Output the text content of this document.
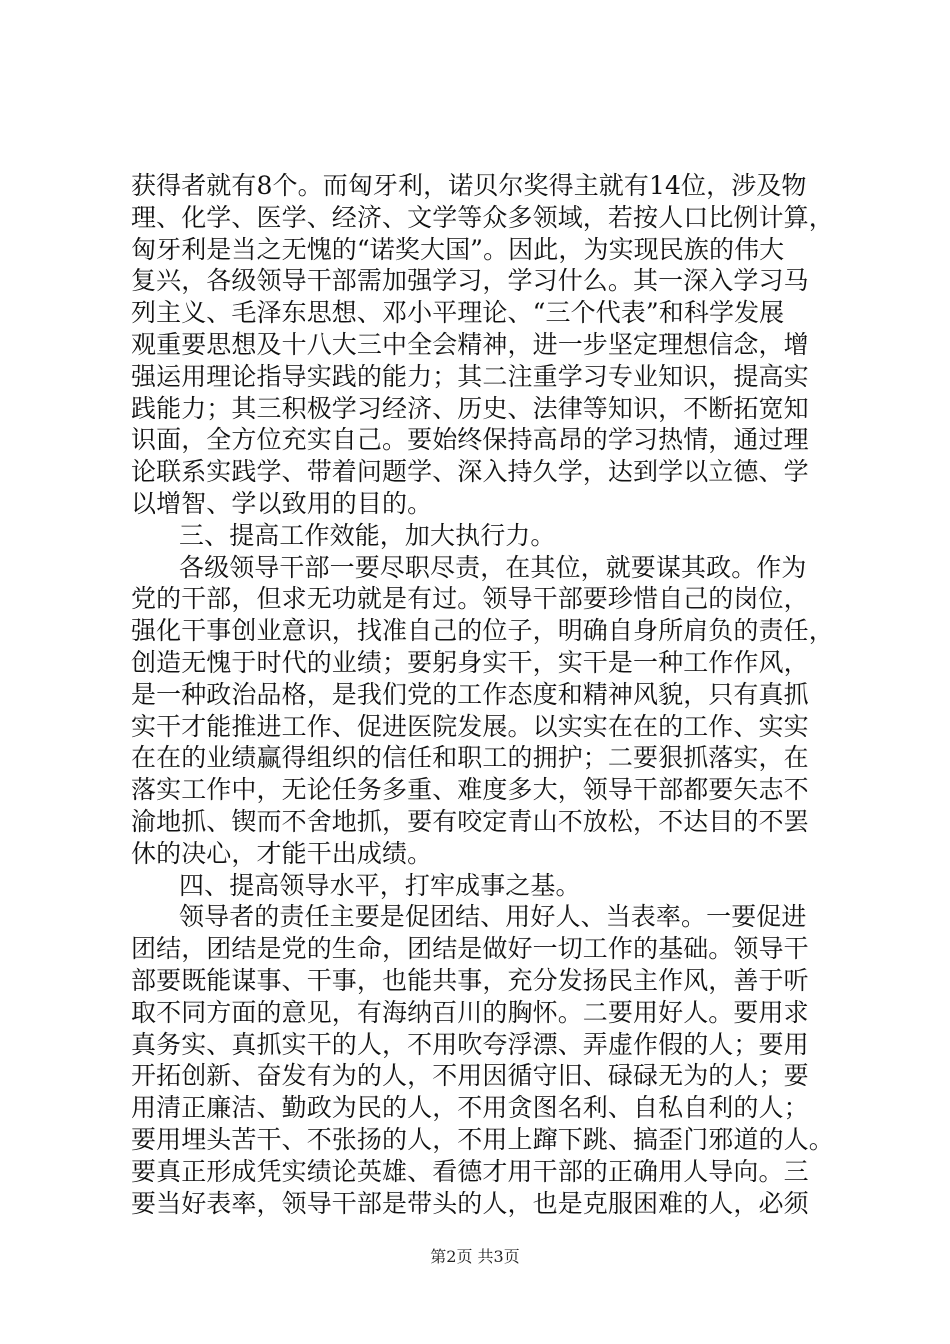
获得者就有8个。而匈牙利，诺贝尔奖得主就有14位，涉及物
理、化学、医学、经济、文学等众多领域，若按人口比例计算，
匈牙利是当之无愧的“诺奖大国”。因此，为实现民族的伟大
复兴，各级领导干部需加强学习，学习什么。其一深入学习马
列主义、毛泽东思想、邓小平理论、“三个代表”和科学发展
观重要思想及十八大三中全会精神，进一步坚定理想信念，增
强运用理论指导实践的能力；其二注重学习专业知识，提高实
践能力；其三积极学习经济、历史、法律等知识，不断拓宽知
识面，全方位充实自己。要始终保持高昂的学习热情，通过理
论联系实践学、带着问题学、深入持久学，达到学以立德、学
以增智、学以致用的目的。
三、提高工作效能，加大执行力。
各级领导干部一要尽职尽责，在其位，就要谋其政。作为
党的干部，但求无功就是有过。领导干部要珍惜自己的岗位，
强化干事创业意识，找准自己的位子，明确自身所肩负的责任，
创造无愧于时代的业绩；要躬身实干，实干是一种工作作风，
是一种政治品格，是我们党的工作态度和精神风貌，只有真抓
实干才能推进工作、促进医院发展。以实实在在的工作、实实
在在的业绩赢得组织的信任和职工的拥护；二要狠抓落实，在
落实工作中，无论任务多重、难度多大，领导干部都要矢志不
渝地抓、锲而不舍地抓，要有咬定青山不放松，不达目的不罢
休的决心，才能干出成绩。
四、提高领导水平，打牢成事之基。
领导者的责任主要是促团结、用好人、当表率。一要促进
团结，团结是党的生命，团结是做好一切工作的基础。领导干
部要既能谋事、干事，也能共事，充分发扬民主作风，善于听
取不同方面的意见，有海纳百川的胸怀。二要用好人。要用求
真务实、真抓实干的人，不用吹夸浮漂、弄虚作假的人；要用
开拓创新、奋发有为的人，不用因循守旧、碌碌无为的人；要
用清正廉洁、勤政为民的人，不用贪图名利、自私自利的人；
要用埋头苦干、不张扬的人，不用上蹿下跳、搞歪门邪道的人。
要真正形成凭实绩论英雄、看德才用干部的正确用人导向。三
要当好表率，领导干部是带头的人，也是克服困难的人，必须
第2页 共3页
